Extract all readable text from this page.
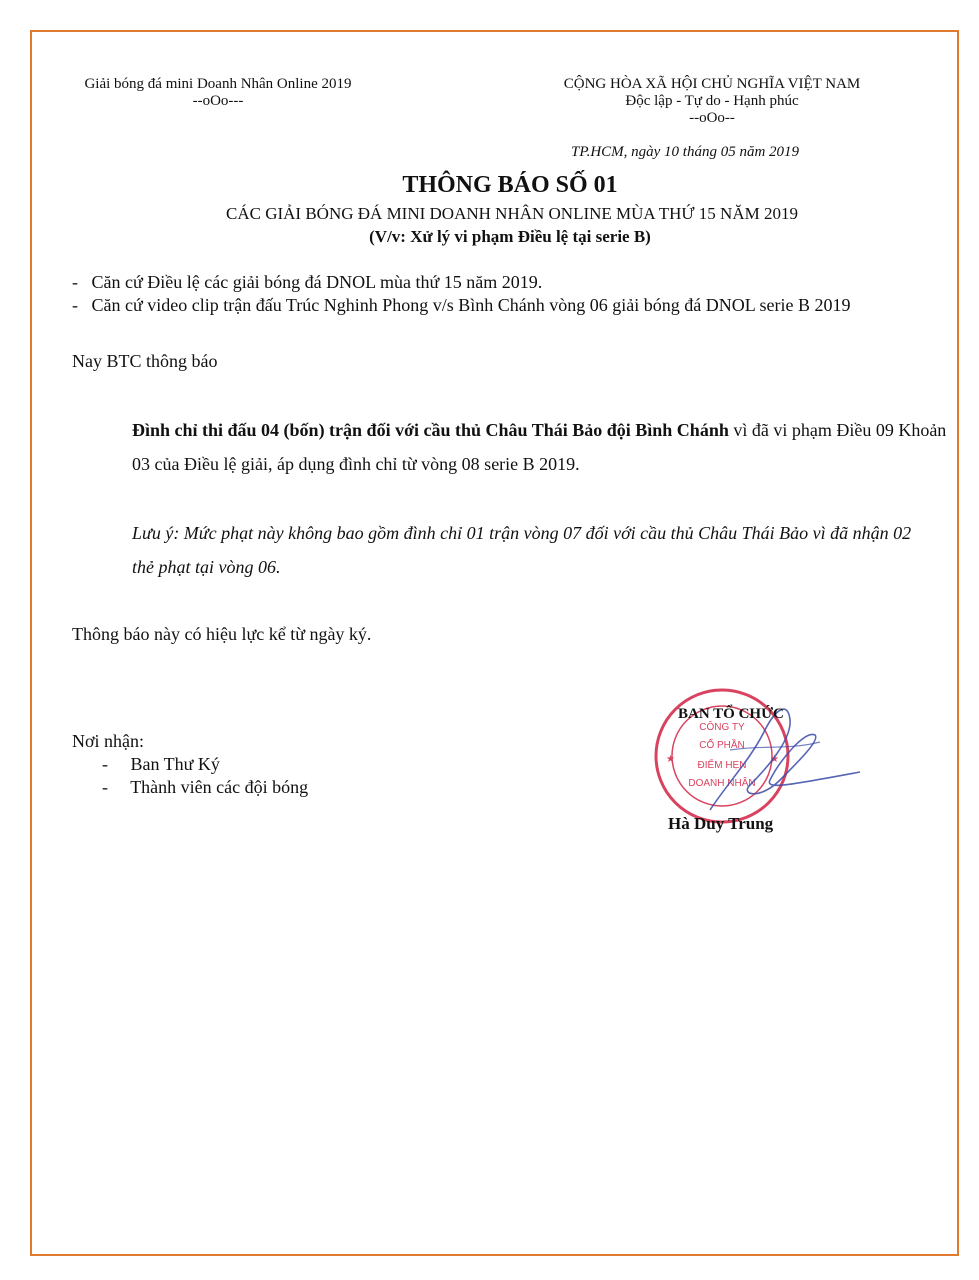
Giải bóng đá mini Doanh Nhân Online 2019
--oOo---
CỘNG HÒA XÃ HỘI CHỦ NGHĨA VIỆT NAM
Độc lập - Tự do - Hạnh phúc
--oOo--
TP.HCM, ngày 10 tháng 05 năm 2019
THÔNG BÁO SỐ 01
CÁC GIẢI BÓNG ĐÁ MINI DOANH NHÂN ONLINE MÙA THỨ 15 NĂM 2019
(V/v: Xử lý vi phạm Điều lệ tại serie B)
- Căn cứ Điều lệ các giải bóng đá DNOL mùa thứ 15 năm 2019.
- Căn cứ video clip trận đấu Trúc Nghinh Phong v/s Bình Chánh vòng 06 giải bóng đá DNOL serie B 2019
Nay BTC thông báo
Đình chỉ thi đấu 04 (bốn) trận đối với cầu thủ Châu Thái Bảo đội Bình Chánh vì đã vi phạm Điều 09 Khoản 03 của Điều lệ giải, áp dụng đình chỉ từ vòng 08 serie B 2019.
Lưu ý: Mức phạt này không bao gồm đình chỉ 01 trận vòng 07 đối với cầu thủ Châu Thái Bảo vì đã nhận 02 thẻ phạt tại vòng 06.
Thông báo này có hiệu lực kể từ ngày ký.
Nơi nhận:
- Ban Thư Ký
- Thành viên các đội bóng
CÔNG TY
CỔ PHẦN
ĐIỂM HẸN
DOANH NHÂN
★	★
BAN TỔ CHỨC
Hà Duy Trung
